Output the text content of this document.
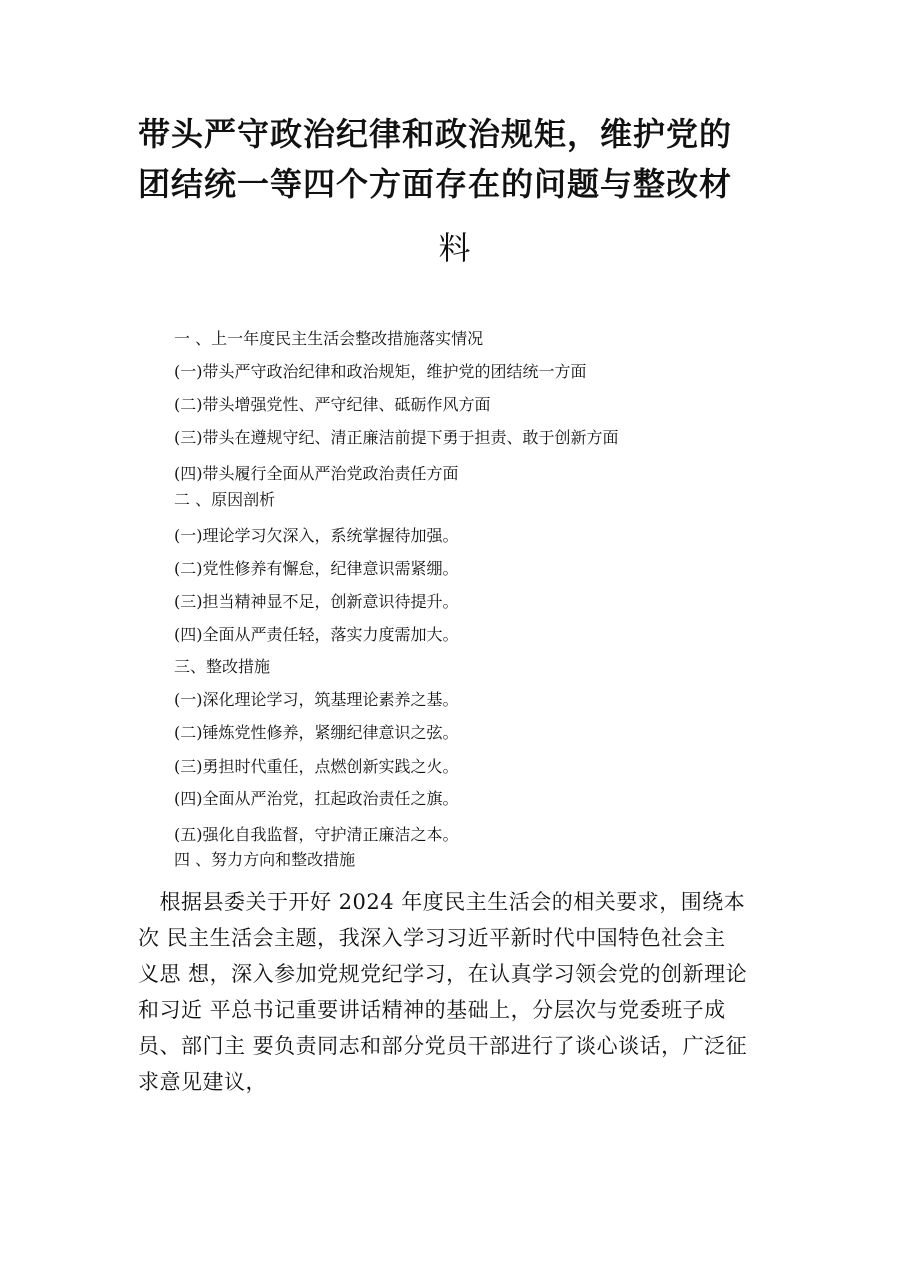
带头严守政治纪律和政治规矩，维护党的
团结统一等四个方面存在的问题与整改材
料
一 、上一年度民主生活会整改措施落实情况
(一)带头严守政治纪律和政治规矩，维护党的团结统一方面
(二)带头增强党性、严守纪律、砥砺作风方面
(三)带头在遵规守纪、清正廉洁前提下勇于担责、敢于创新方面
(四)带头履行全面从严治党政治责任方面
二 、原因剖析
(一)理论学习欠深入，系统掌握待加强。
(二)党性修养有懈怠，纪律意识需紧绷。
(三)担当精神显不足，创新意识待提升。
(四)全面从严责任轻，落实力度需加大。
三、整改措施
(一)深化理论学习，筑基理论素养之基。
(二)锤炼党性修养，紧绷纪律意识之弦。
(三)勇担时代重任，点燃创新实践之火。
(四)全面从严治党，扛起政治责任之旗。
(五)强化自我监督，守护清正廉洁之本。
四 、努力方向和整改措施
　根据县委关于开好 2024 年度民主生活会的相关要求，围绕本
次 民主生活会主题，我深入学习习近平新时代中国特色社会主
义思 想，深入参加党规党纪学习，在认真学习领会党的创新理论
和习近 平总书记重要讲话精神的基础上，分层次与党委班子成
员、部门主 要负责同志和部分党员干部进行了谈心谈话，广泛征
求意见建议，
